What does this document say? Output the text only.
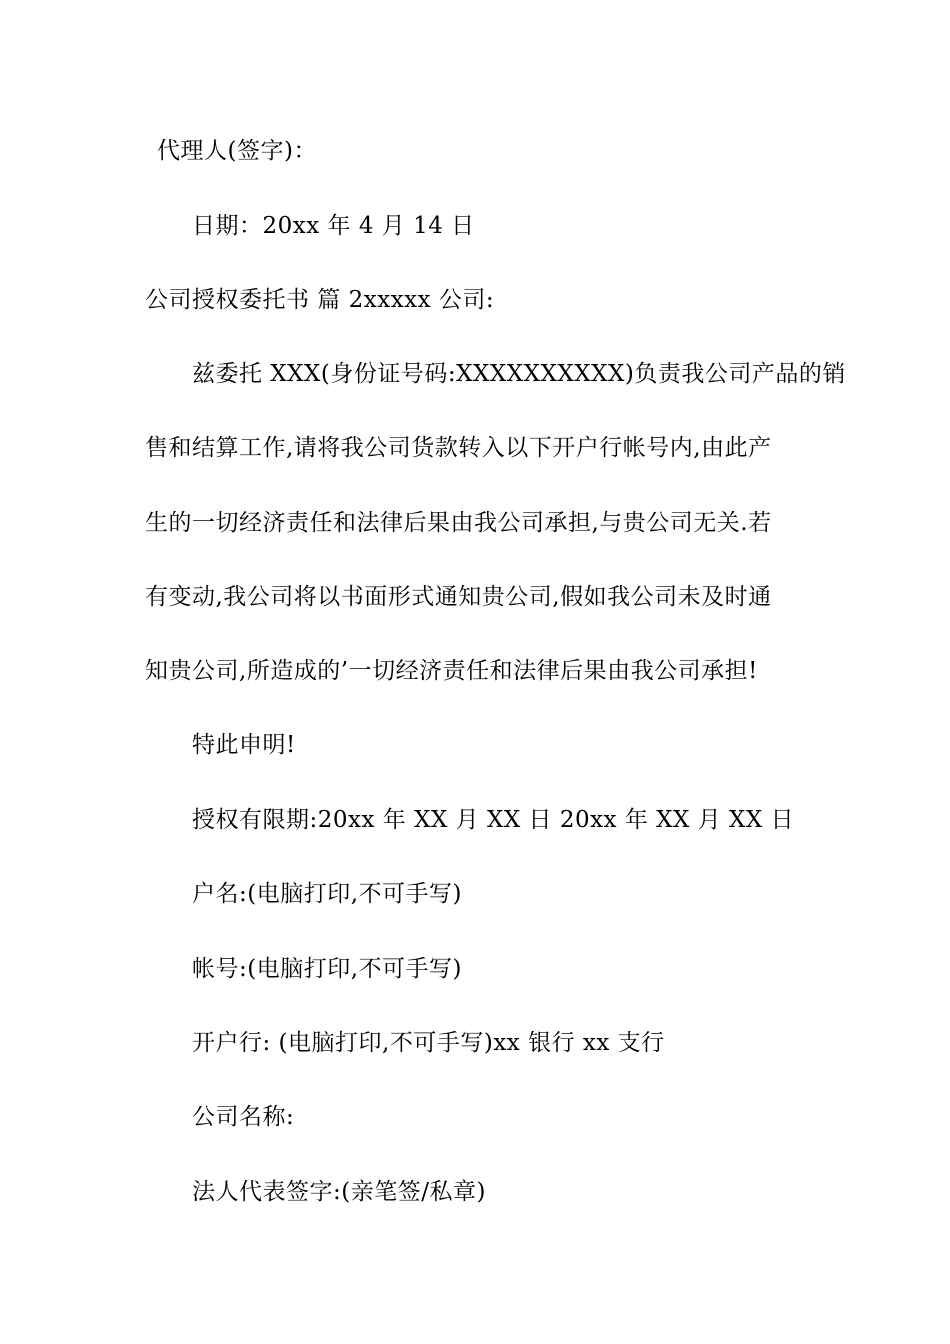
代理人(签字)：
日期：20xx 年 4 月 14 日
公司授权委托书 篇 2xxxxx 公司:
兹委托 XXX(身份证号码:XXXXXXXXXX)负责我公司产品的销
售和结算工作,请将我公司货款转入以下开户行帐号内,由此产
生的一切经济责任和法律后果由我公司承担,与贵公司无关.若
有变动,我公司将以书面形式通知贵公司,假如我公司未及时通
知贵公司,所造成的’一切经济责任和法律后果由我公司承担!
特此申明!
授权有限期:20xx 年 XX 月 XX 日 20xx 年 XX 月 XX 日
户名:(电脑打印,不可手写)
帐号:(电脑打印,不可手写)
开户行: (电脑打印,不可手写)xx 银行 xx 支行
公司名称:
法人代表签字:(亲笔签/私章)
